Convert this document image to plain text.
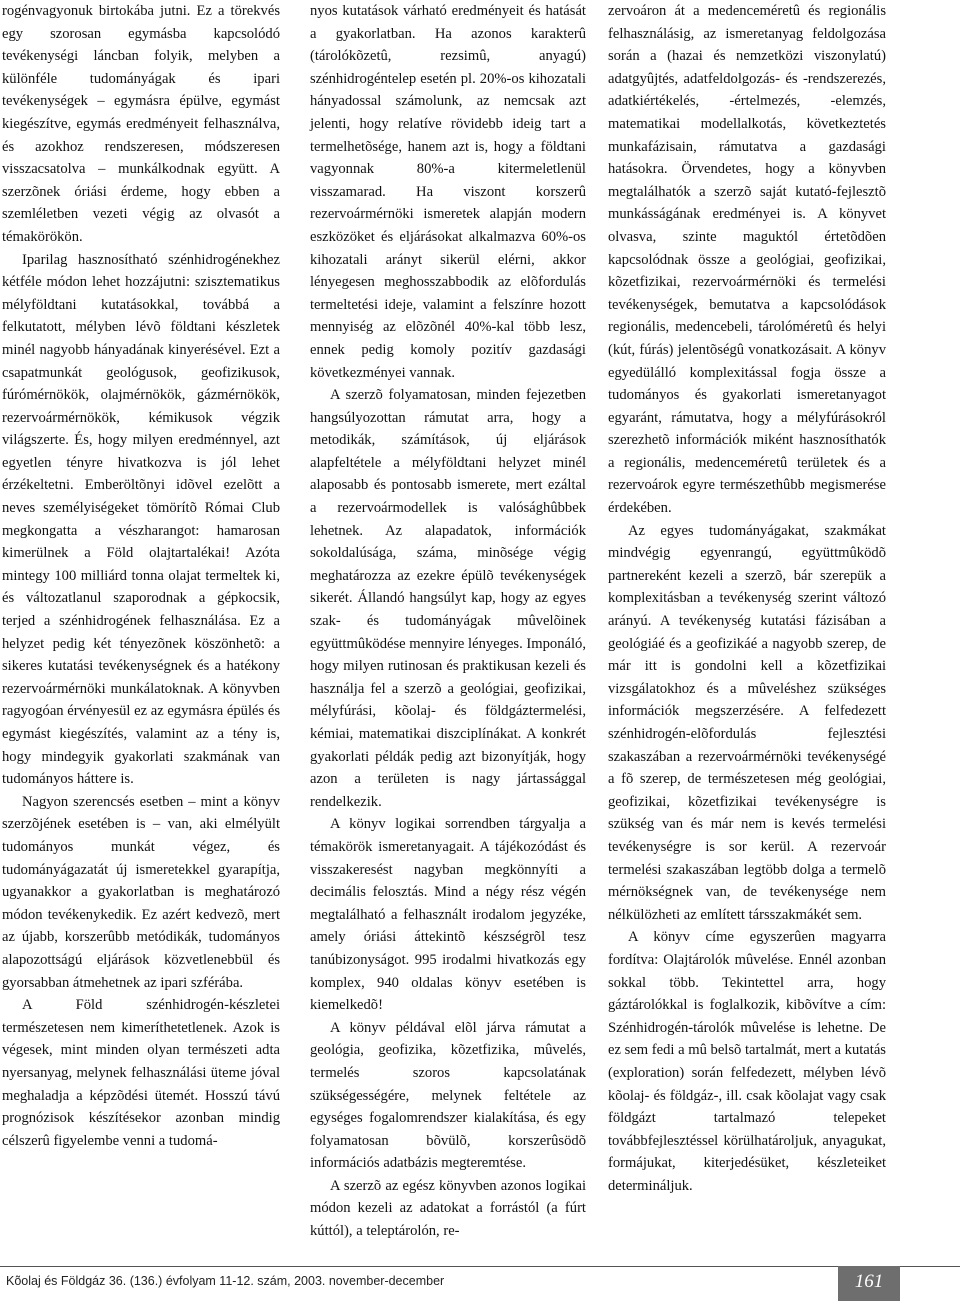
rogénvagyonuk birtokába jutni. Ez a törekvés egy szorosan egymásba kapcsolódó tevékenységi láncban folyik, melyben a különféle tudományágak és ipari tevékenységek – egymásra épülve, egymást kiegészítve, egymás eredményeit felhasználva, és azokhoz rendszeresen, módszeresen visszacsatolva – munkálkodnak együtt. A szerzõnek óriási érdeme, hogy ebben a szemléletben vezeti végig az olvasót a témakörökön.

Iparilag hasznosítható szénhidrogénekhez kétféle módon lehet hozzájutni: szisztematikus mélyföldtani kutatásokkal, továbbá a felkutatott, mélyben lévõ földtani készletek minél nagyobb hányadának kinyerésével. Ezt a csapatmunkát geológusok, geofizikusok, fúrómérnökök, olajmérnökök, gázmérnökök, rezervoármérnökök, kémikusok végzik világszerte. És, hogy milyen eredménnyel, azt egyetlen tényre hivatkozva is jól lehet érzékeltetni. Emberöltõnyi idõvel ezelõtt a neves személyiségeket tömörítõ Római Club megkongatta a vészharangot: hamarosan kimerülnek a Föld olajtartalékai! Azóta mintegy 100 milliárd tonna olajat termeltek ki, és változatlanul szaporodnak a gépkocsik, terjed a szénhidrogének felhasználása. Ez a helyzet pedig két tényezõnek köszönhetõ: a sikeres kutatási tevékenységnek és a hatékony rezervoármérnöki munkálatoknak. A könyvben ragyogóan érvényesül ez az egymásra épülés és egymást kiegészítés, valamint az a tény is, hogy mindegyik gyakorlati szakmának van tudományos háttere is.

Nagyon szerencsés esetben – mint a könyv szerzõjének esetében is – van, aki elmélyült tudományos munkát végez, és tudományágazatát új ismeretekkel gyarapítja, ugyanakkor a gyakorlatban is meghatározó módon tevékenykedik. Ez azért kedvezõ, mert az újabb, korszerûbb metódikák, tudományos alapozottságú eljárások közvetlenebbül és gyorsabban átmehetnek az ipari szférába.

A Föld szénhidrogén-készletei természetesen nem kimeríthetetlenek. Azok is végesek, mint minden olyan természeti adta nyersanyag, melynek felhasználási üteme jóval meghaladja a képzõdési ütemét. Hosszú távú prognózisok készítésekor azonban mindig célszerû figyelembe venni a tudomá-

nyos kutatások várható eredményeit és hatását a gyakorlatban. Ha azonos karakterû (tárolókõzetû, rezsimû, anyagú) szénhidrogéntelep esetén pl. 20%-os kihozatali hányadossal számolunk, az nemcsak azt jelenti, hogy relatíve rövidebb ideig tart a termelhetõsége, hanem azt is, hogy a földtani vagyonnak 80%-a kitermeletlenül visszamarad. Ha viszont korszerû rezervoármérnöki ismeretek alapján modern eszközöket és eljárásokat alkalmazva 60%-os kihozatali arányt sikerül elérni, akkor lényegesen meghosszabbodik az elõfordulás termeltetési ideje, valamint a felszínre hozott mennyiség az elõzõnél 40%-kal több lesz, ennek pedig komoly pozitív gazdasági következményei vannak.

A szerzõ folyamatosan, minden fejezetben hangsúlyozottan rámutat arra, hogy a metodikák, számítások, új eljárások alapfeltétele a mélyföldtani helyzet minél alaposabb és pontosabb ismerete, mert ezáltal a rezervoármodellek is valósághûbbek lehetnek. Az alapadatok, információk sokoldalúsága, száma, minõsége végig meghatározza az ezekre épülõ tevékenységek sikerét. Állandó hangsúlyt kap, hogy az egyes szak- és tudományágak mûvelõinek együttmûködése mennyire lényeges. Imponáló, hogy milyen rutinosan és praktikusan kezeli és használja fel a szerzõ a geológiai, geofizikai, mélyfúrási, kõolaj- és földgáztermelési, kémiai, matematikai diszciplínákat. A konkrét gyakorlati példák pedig azt bizonyítják, hogy azon a területen is nagy jártassággal rendelkezik.

A könyv logikai sorrendben tárgyalja a témakörök ismeretanyagait. A tájékozódást és visszakeresést nagyban megkönnyíti a decimális felosztás. Mind a négy rész végén megtalálható a felhasznált irodalom jegyzéke, amely óriási áttekintõ készségrõl tesz tanúbizonyságot. 995 irodalmi hivatkozás egy komplex, 940 oldalas könyv esetében is kiemelkedõ!

A könyv példával elõl járva rámutat a geológia, geofizika, kõzetfizika, mûvelés, termelés szoros kapcsolatának szükségességére, melynek feltétele az egységes fogalomrendszer kialakítása, és egy folyamatosan bõvülõ, korszerûsödõ információs adatbázis megteremtése.

A szerzõ az egész könyvben azonos logikai módon kezeli az adatokat a forrástól (a fúrt kúttól), a teleptárolón, re-

zervoáron át a medenceméretû és regionális felhasználásig, az ismeretanyag feldolgozása során a (hazai és nemzetközi viszonylatú) adatgyûjtés, adatfeldolgozás- és -rendszerezés, adatkiértékelés, -értelmezés, -elemzés, matematikai modellalkotás, következtetés munkafázisain, rámutatva a gazdasági hatásokra. Örvendetes, hogy a könyvben megtalálhatók a szerzõ saját kutató-fejlesztõ munkásságának eredményei is. A könyvet olvasva, szinte maguktól értetõdõen kapcsolódnak össze a geológiai, geofizikai, kõzetfizikai, rezervoármérnöki és termelési tevékenységek, bemutatva a kapcsolódások regionális, medencebeli, tárolóméretû és helyi (kút, fúrás) jelentõségû vonatkozásait. A könyv egyedülálló komplexitással fogja össze a tudományos és gyakorlati ismeretanyagot egyaránt, rámutatva, hogy a mélyfúrásokról szerezhetõ információk miként hasznosíthatók a regionális, medenceméretû területek és a rezervoárok egyre természethûbb megismerése érdekében.

Az egyes tudományágakat, szakmákat mindvégig egyenrangú, együttmûködõ partnereként kezeli a szerzõ, bár szerepük a komplexitásban a tevékenység szerint változó arányú. A tevékenység kutatási fázisában a geológiáé és a geofizikáé a nagyobb szerep, de már itt is gondolni kell a kõzetfizikai vizsgálatokhoz és a mûveléshez szükséges információk megszerzésére. A felfedezett szénhidrogén-elõfordulás fejlesztési szakaszában a rezervoármérnöki tevékenységé a fõ szerep, de természetesen még geológiai, geofizikai, kõzetfizikai tevékenységre is szükség van és már nem is kevés termelési tevékenységre is sor kerül. A rezervoár termelési szakaszában legtöbb dolga a termelõ mérnökségnek van, de tevékenysége nem nélkülözheti az említett társszakmákét sem.

A könyv címe egyszerûen magyarra fordítva: Olajtárolók mûvelése. Ennél azonban sokkal több. Tekintettel arra, hogy gáztárolókkal is foglalkozik, kibõvítve a cím: Szénhidrogén-tárolók mûvelése is lehetne. De ez sem fedi a mû belsõ tartalmát, mert a kutatás (exploration) során felfedezett, mélyben lévõ kõolaj- és földgáz-, ill. csak kõolajat vagy csak földgázt tartalmazó telepeket továbbfejlesztéssel körülhatároljuk, anyagukat, formájukat, kiterjedésüket, készleteiket determináljuk.

Kõolaj és Földgáz 36. (136.) évfolyam 11-12. szám, 2003. november-december	161
